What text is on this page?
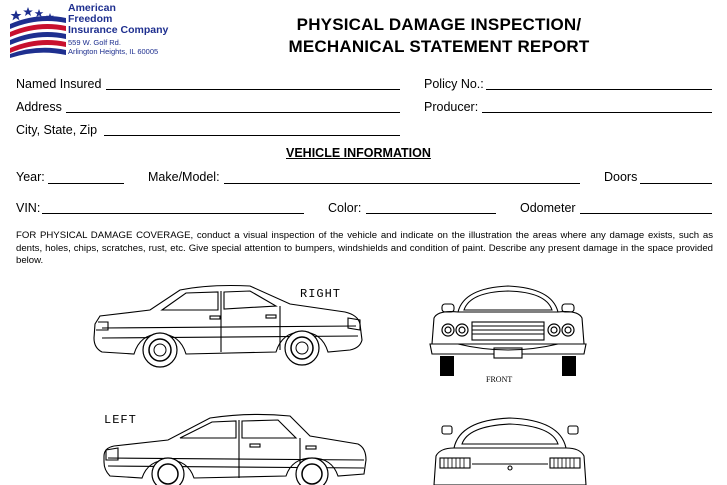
American
Freedom
Insurance Company
559 W. Golf Rd.
Arlington Heights, IL 60005
PHYSICAL DAMAGE INSPECTION/
MECHANICAL STATEMENT REPORT
Named Insured	Policy No.:
Address	Producer:
City, State, Zip
VEHICLE INFORMATION
Year:	Make/Model:	Doors
VIN:	Color:	Odometer
FOR PHYSICAL DAMAGE COVERAGE, conduct a visual inspection of the vehicle and indicate on the illustration the areas where any damage exists, such as dents, holes, chips, scratches, rust, etc. Give special attention to bumpers, windshields and condition of paint. Describe any present damage in the space provided below.
RIGHT
FRONT
LEFT
